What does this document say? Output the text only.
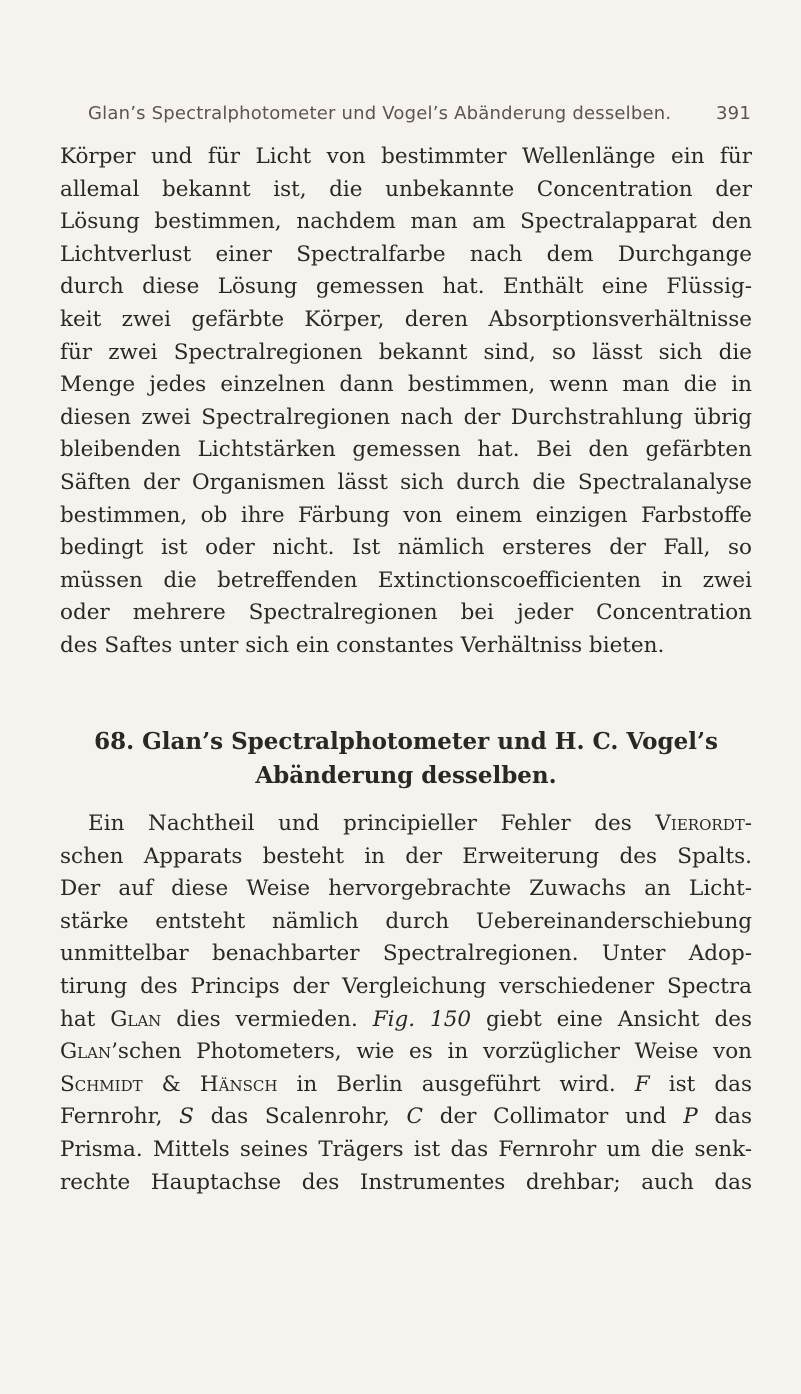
Glan’s Spectralphotometer und Vogel’s Abänderung desselben. 391
Körper und für Licht von bestimmter Wellenlänge ein für
allemal bekannt ist, die unbekannte Concentration der
Lösung bestimmen, nachdem man am Spectralapparat den
Lichtverlust einer Spectralfarbe nach dem Durchgange
durch diese Lösung gemessen hat. Enthält eine Flüssig-
keit zwei gefärbte Körper, deren Absorptionsverhältnisse
für zwei Spectralregionen bekannt sind, so lässt sich die
Menge jedes einzelnen dann bestimmen, wenn man die in
diesen zwei Spectralregionen nach der Durchstrahlung übrig
bleibenden Lichtstärken gemessen hat. Bei den gefärbten
Säften der Organismen lässt sich durch die Spectralanalyse
bestimmen, ob ihre Färbung von einem einzigen Farbstoffe
bedingt ist oder nicht. Ist nämlich ersteres der Fall, so
müssen die betreffenden Extinctionscoefficienten in zwei
oder mehrere Spectralregionen bei jeder Concentration
des Saftes unter sich ein constantes Verhältniss bieten.
68. Glan’s Spectralphotometer und H. C. Vogel’s
Abänderung desselben.
Ein Nachtheil und principieller Fehler des Vierordt-
schen Apparats besteht in der Erweiterung des Spalts.
Der auf diese Weise hervorgebrachte Zuwachs an Licht-
stärke entsteht nämlich durch Uebereinanderschiebung
unmittelbar benachbarter Spectralregionen. Unter Adop-
tirung des Princips der Vergleichung verschiedener Spectra
hat Glan dies vermieden. Fig. 150 giebt eine Ansicht des
Glan’schen Photometers, wie es in vorzüglicher Weise von
Schmidt & Hänsch in Berlin ausgeführt wird. F ist das
Fernrohr, S das Scalenrohr, C der Collimator und P das
Prisma. Mittels seines Trägers ist das Fernrohr um die senk-
rechte Hauptachse des Instrumentes drehbar; auch das
